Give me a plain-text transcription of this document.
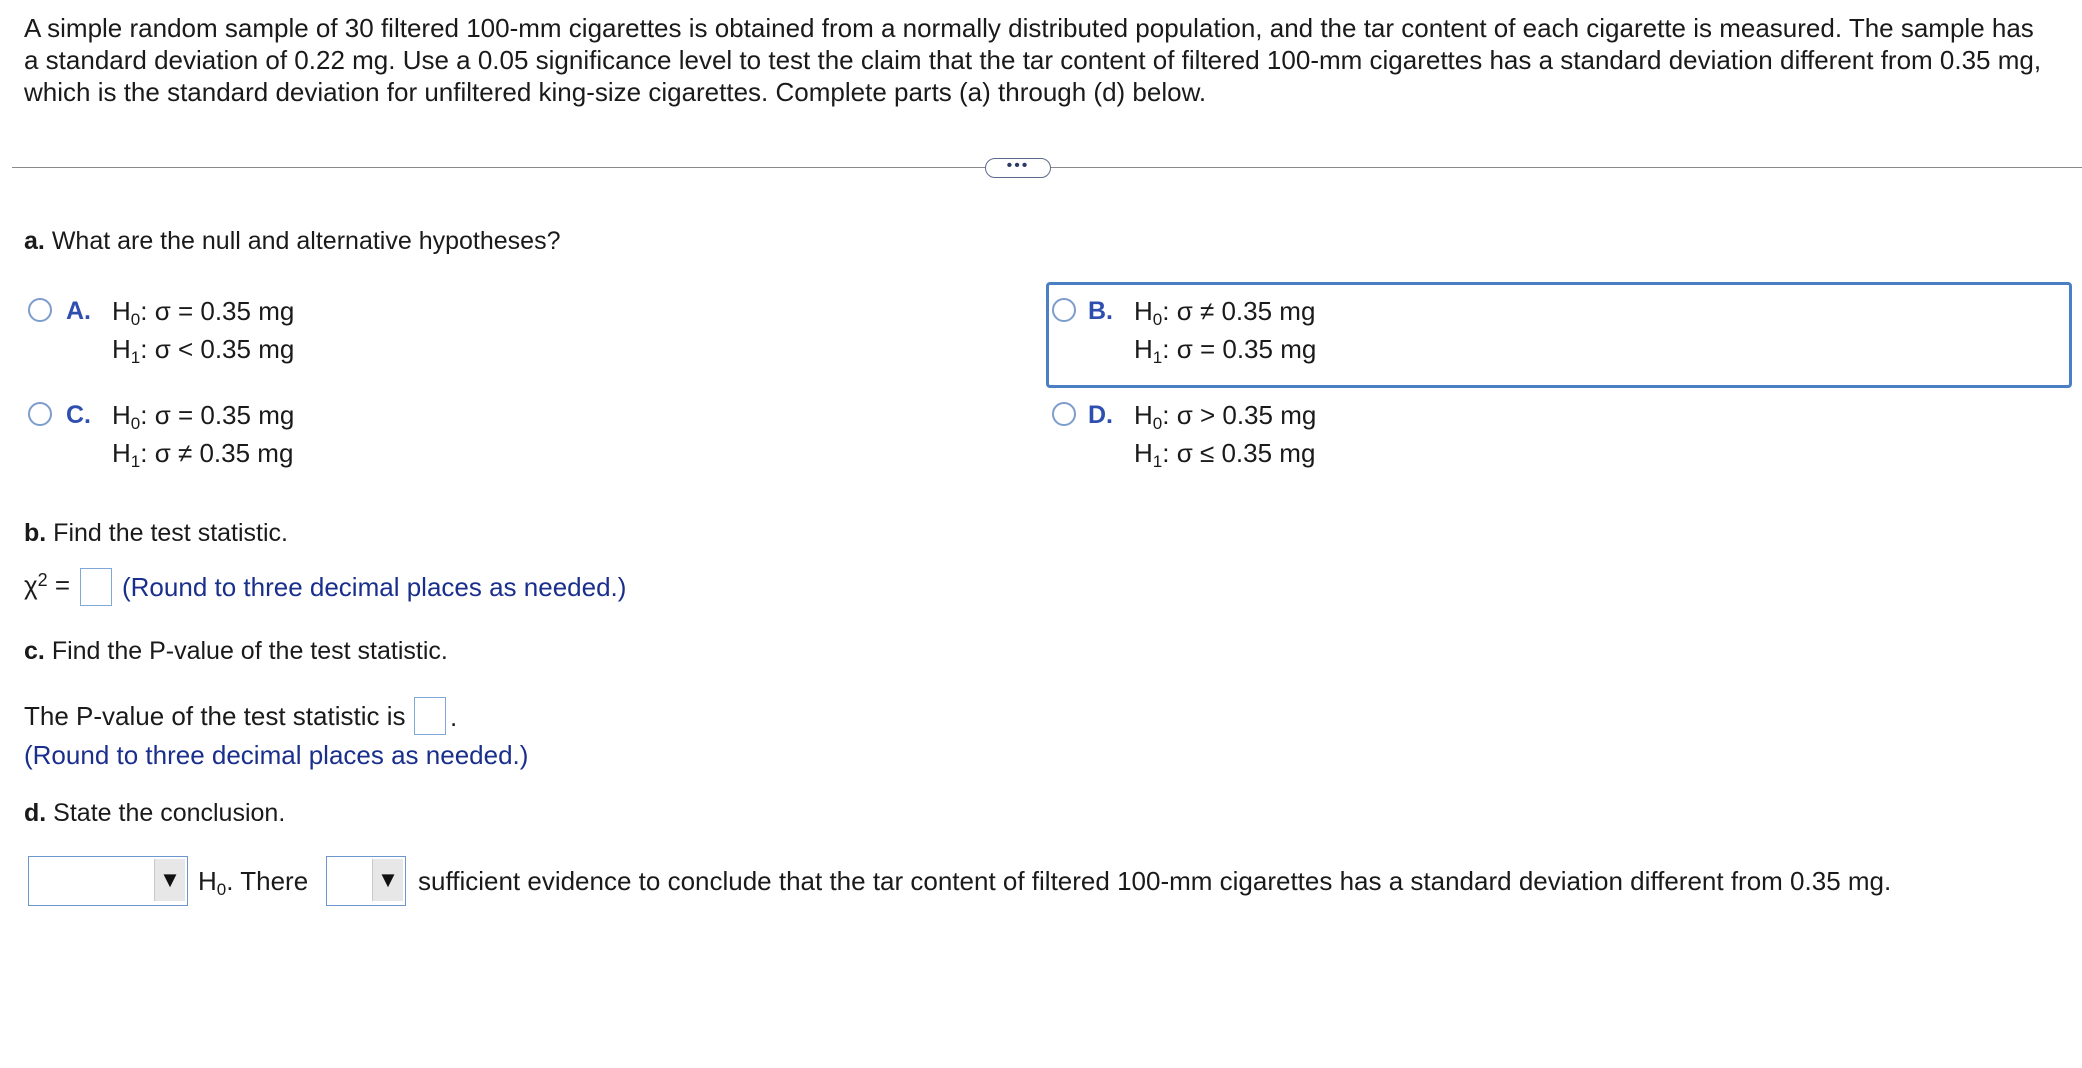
A simple random sample of 30 filtered 100-mm cigarettes is obtained from a normally distributed population, and the tar content of each cigarette is measured. The sample has a standard deviation of 0.22 mg. Use a 0.05 significance level to test the claim that the tar content of filtered 100-mm cigarettes has a standard deviation different from 0.35 mg, which is the standard deviation for unfiltered king-size cigarettes. Complete parts (a) through (d) below.

•••
a. What are the null and alternative hypotheses?
A. $H_0$: σ = 0.35 mg
$H_1$: σ < 0.35 mg
B. $H_0$: σ ≠ 0.35 mg
$H_1$: σ = 0.35 mg
C. $H_0$: σ = 0.35 mg
$H_1$: σ ≠ 0.35 mg
D. $H_0$: σ > 0.35 mg
$H_1$: σ ≤ 0.35 mg
b. Find the test statistic.
$\chi^2$ = (Round to three decimal places as needed.)
c. Find the P-value of the test statistic.
The P-value of the test statistic is .
(Round to three decimal places as needed.)
d. State the conclusion.
▼ $H_0$. There	▼ sufficient evidence to conclude that the tar content of filtered 100-mm cigarettes has a standard deviation different from 0.35 mg.
